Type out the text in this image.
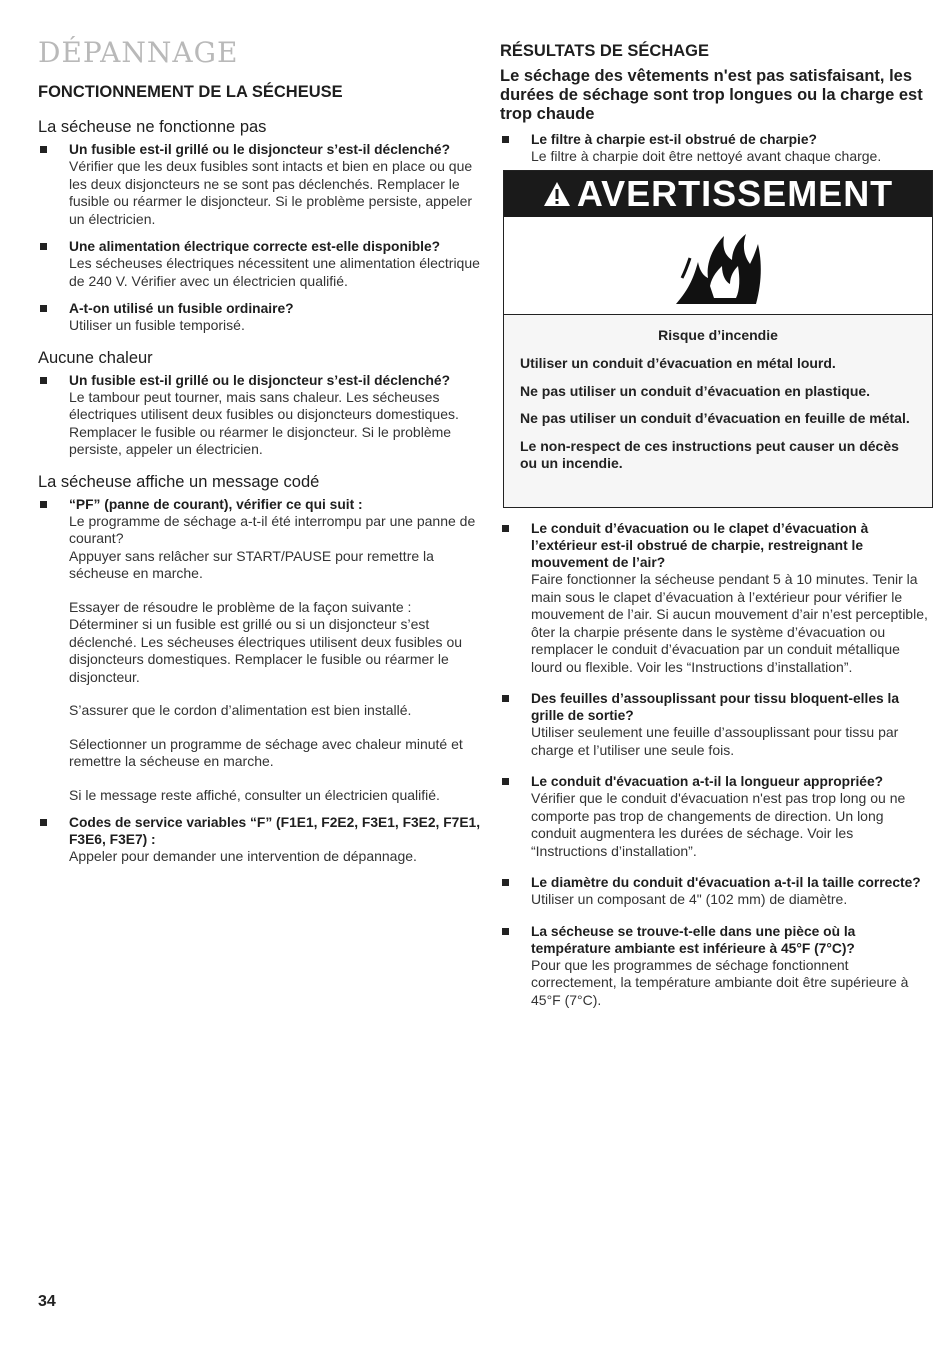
DÉPANNAGE
FONCTIONNEMENT DE LA SÉCHEUSE
La sécheuse ne fonctionne pas
Un fusible est-il grillé ou le disjoncteur s’est-il déclenché?
Vérifier que les deux fusibles sont intacts et bien en place ou que les deux disjoncteurs ne se sont pas déclenchés. Remplacer le fusible ou réarmer le disjoncteur. Si le problème persiste, appeler un électricien.
Une alimentation électrique correcte est-elle disponible?
Les sécheuses électriques nécessitent une alimentation électrique de 240 V. Vérifier avec un électricien qualifié.
A-t-on utilisé un fusible ordinaire?
Utiliser un fusible temporisé.
Aucune chaleur
Un fusible est-il grillé ou le disjoncteur s’est-il déclenché?
Le tambour peut tourner, mais sans chaleur. Les sécheuses électriques utilisent deux fusibles ou disjoncteurs domestiques. Remplacer le fusible ou réarmer le disjoncteur. Si le problème persiste, appeler un électricien.
La sécheuse affiche un message codé
“PF” (panne de courant), vérifier ce qui suit :
Le programme de séchage a-t-il été interrompu par une panne de courant?
Appuyer sans relâcher sur START/PAUSE pour remettre la sécheuse en marche.
Essayer de résoudre le problème de la façon suivante : Déterminer si un fusible est grillé ou si un disjoncteur s’est déclenché. Les sécheuses électriques utilisent deux fusibles ou disjoncteurs domestiques. Remplacer le fusible ou réarmer le disjoncteur.
S’assurer que le cordon d’alimentation est bien installé.
Sélectionner un programme de séchage avec chaleur minuté et remettre la sécheuse en marche.
Si le message reste affiché, consulter un électricien qualifié.
Codes de service variables “F” (F1E1, F2E2, F3E1, F3E2, F7E1, F3E6, F3E7) :
Appeler pour demander une intervention de dépannage.
RÉSULTATS DE SÉCHAGE
Le séchage des vêtements n'est pas satisfaisant, les durées de séchage sont trop longues ou la charge est trop chaude
Le filtre à charpie est-il obstrué de charpie?
Le filtre à charpie doit être nettoyé avant chaque charge.
AVERTISSEMENT
Risque d’incendie
Utiliser un conduit d’évacuation en métal lourd.
Ne pas utiliser un conduit d’évacuation en plastique.
Ne pas utiliser un conduit d’évacuation en feuille de métal.
Le non-respect de ces instructions peut causer un décès ou un incendie.
Le conduit d’évacuation ou le clapet d’évacuation à l’extérieur est-il obstrué de charpie, restreignant le mouvement de l’air?
Faire fonctionner la sécheuse pendant 5 à 10 minutes. Tenir la main sous le clapet d’évacuation à l’extérieur pour vérifier le mouvement de l’air. Si aucun mouvement d’air n’est perceptible, ôter la charpie présente dans le système d’évacuation ou remplacer le conduit d’évacuation par un conduit métallique lourd ou flexible. Voir les “Instructions d’installation”.
Des feuilles d’assouplissant pour tissu bloquent-elles la grille de sortie?
Utiliser seulement une feuille d’assouplissant pour tissu par charge et l’utiliser une seule fois.
Le conduit d'évacuation a-t-il la longueur appropriée?
Vérifier que le conduit d'évacuation n'est pas trop long ou ne comporte pas trop de changements de direction. Un long conduit augmentera les durées de séchage. Voir les “Instructions d’installation”.
Le diamètre du conduit d'évacuation a-t-il la taille correcte?
Utiliser un composant de 4" (102 mm) de diamètre.
La sécheuse se trouve-t-elle dans une pièce où la température ambiante est inférieure à 45°F (7°C)?
Pour que les programmes de séchage fonctionnent correctement, la température ambiante doit être supérieure à 45°F (7°C).
34
